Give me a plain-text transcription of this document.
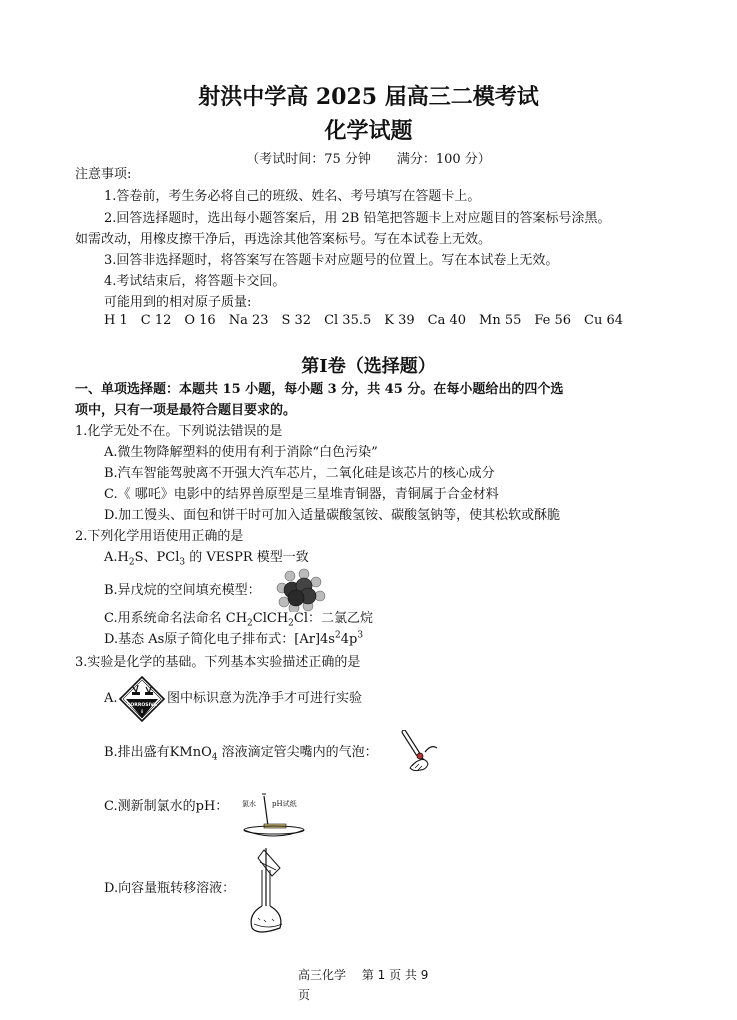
射洪中学高 2025 届高三二模考试
化学试题
（考试时间：75 分钟　　满分：100 分）
注意事项:
1.答卷前，考生务必将自己的班级、姓名、考号填写在答题卡上。
2.回答选择题时，选出每小题答案后，用 2B 铅笔把答题卡上对应题目的答案标号涂黑。
如需改动，用橡皮擦干净后，再选涂其他答案标号。写在本试卷上无效。
3.回答非选择题时，将答案写在答题卡对应题号的位置上。写在本试卷上无效。
4.考试结束后，将答题卡交回。
可能用到的相对原子质量:
H 1　C 12　O 16　Na 23　S 32　Cl 35.5　K 39　Ca 40　Mn 55　Fe 56　Cu 64
第I卷（选择题）
一、单项选择题：本题共 15 小题，每小题 3 分，共 45 分。在每小题给出的四个选
项中，只有一项是最符合题目要求的。
1.化学无处不在。下列说法错误的是
A.微生物降解塑料的使用有利于消除“白色污染”
B.汽车智能驾驶离不开强大汽车芯片，二氧化硅是该芯片的核心成分
C.《 哪吒》电影中的结界兽原型是三星堆青铜器，青铜属于合金材料
D.加工馒头、面包和饼干时可加入适量碳酸氢铵、碳酸氢钠等，使其松软或酥脆
2.下列化学用语使用正确的是
$A.H_2S$、PCl$_3$ 的 VESPR 模型一致
B.异戊烷的空间填充模型：
C.用系统命名法命名 $CH_2ClCH_2Cl$：二氯乙烷
D.基态 As原子简化电子排布式：$[Ar]4s^24p^3$
3.实验是化学的基础。下列基本实验描述正确的是
A. CORROSIVE
8
图中标识意为洗净手才可进行实验
B.排出盛有KMnO$_4$ 溶液滴定管尖嘴内的气泡：
C.测新制氯水的pH： 氯水 pH试纸
D.向容量瓶转移溶液：
高三化学　 第 1 页 共 9
页
